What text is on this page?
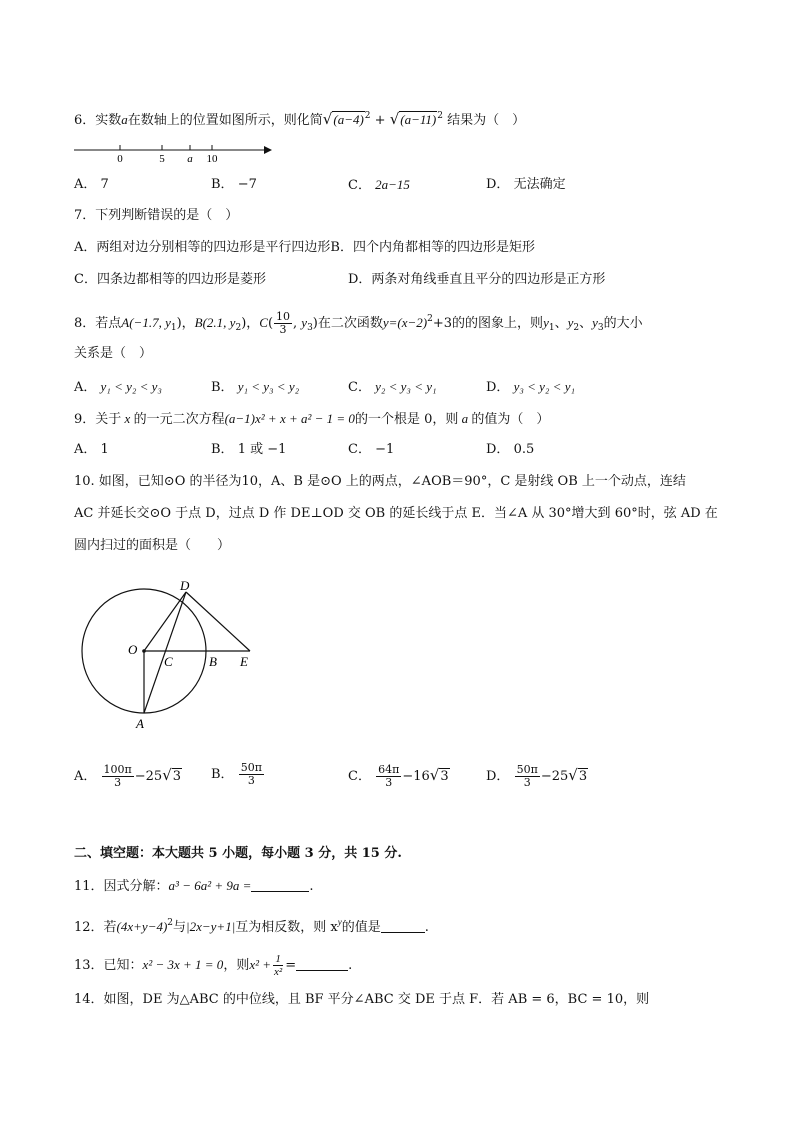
6．实数a在数轴上的位置如图所示，则化简$√(a-4)^2 + √(a-11)^2$ 结果为（　）
0	5 a 10
A． 7	B． −7	C． 2a−15	D． 无法确定
7．下列判断错误的是（　）
A．两组对边分别相等的四边形是平行四边形B．四个内角都相等的四边形是矩形
C．四条边都相等的四边形是菱形	D．两条对角线垂直且平分的四边形是正方形
8．若点A(−1.7, $y_1$)，B(2.1, $y_2$)，$C( \frac{10}{3}$ , $y_3$)在二次函数$y=(x-2)^2+3$的的图象上，则$y_1$、$y_2$、$y_3$的大小
关系是（　）
A． y₁ < y₂ < y₃	B． y₁ < y₃ < y₂	C． y₂ < y₃ < y₁	D． y₃ < y₂ < y₁
9．关于 x 的一元二次方程(a−1)x² + x + a² − 1 = 0的一个根是 0，则 a 的值为（　）
A． 1	B． 1 或 −1	C． −1	D． 0.5
10. 如图，已知⊙O 的半径为10，A、B 是⊙O 上的两点，∠AOB＝90°，C 是射线 OB 上一个动点，连结
AC 并延长交⊙O 于点 D，过点 D 作 DE⊥OD 交 OB 的延长线于点 E．当∠A 从 30°增大到 60°时，弦 AD 在
圆内扫过的面积是（　　）
D
O
C	B E
A
A． $\frac{100\pi}{3} -25√3$ B． $\frac{50\pi}{3}$	C． $\frac{64\pi}{3} -16√3$	D． $\frac{50\pi}{3} -25√3$
二、填空题：本大题共 5 小题，每小题 3 分，共 15 分.
11．因式分解：a³ − 6a² + 9a =	.
12．若$(4x+y-4)^2$与|2x−y+1|互为相反数，则 $x^y$的值是	.
13．已知：x² − 3x + 1 = 0，则$x^2 + \frac{1}{\text{x²}}$ =	.
14．如图，DE 为△ABC 的中位线，且 BF 平分∠ABC 交 DE 于点 F．若 AB = 6，BC = 10，则
